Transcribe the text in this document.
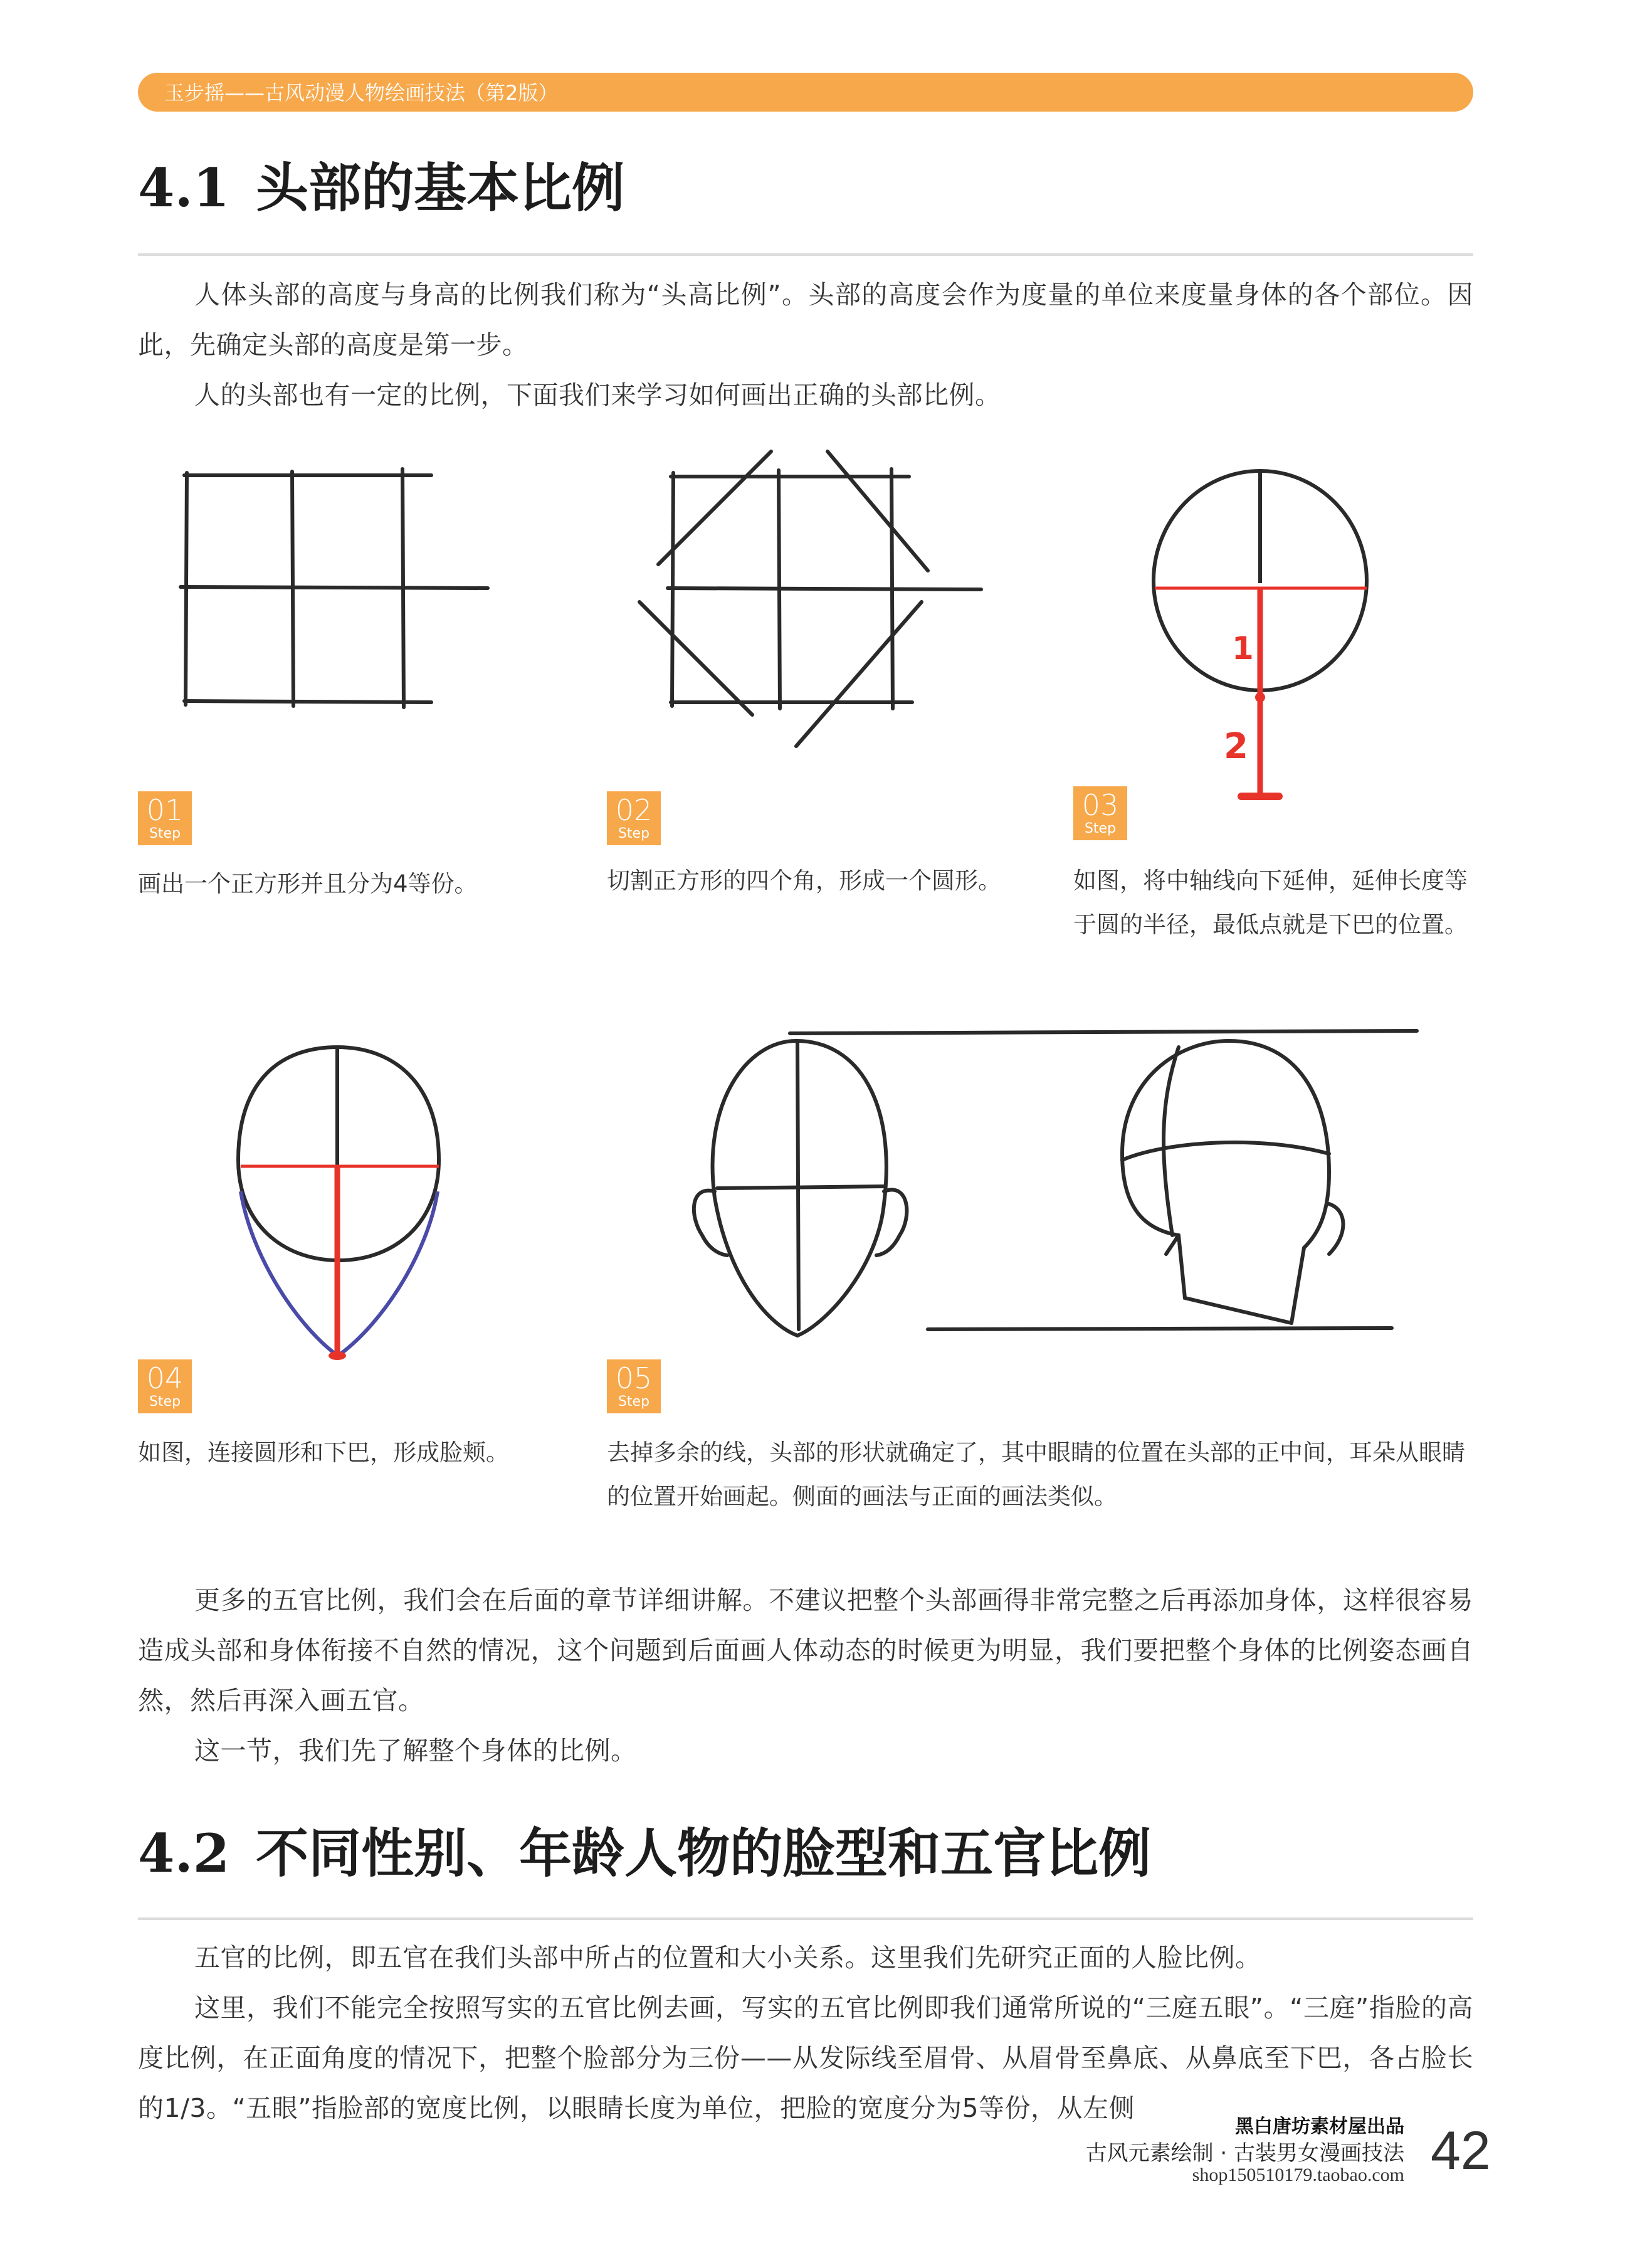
玉步摇——古风动漫人物绘画技法（第2版）
4.1 头部的基本比例

人体头部的高度与身高的比例我们称为“头高比例”。头部的高度会作为度量的单位来度量身体的各个部位。因此，先确定头部的高度是第一步。

人的头部也有一定的比例，下面我们来学习如何画出正确的头部比例。

1
2
01
Step
02
Step
03
Step
画出一个正方形并且分为4等份。	切割正方形的四个角，形成一个圆形。	如图，将中轴线向下延伸，延伸长度等于圆的半径，最低点就是下巴的位置。
04
Step
05
Step
如图，连接圆形和下巴，形成脸颊。	去掉多余的线，头部的形状就确定了，其中眼睛的位置在头部的正中间，耳朵从眼睛的位置开始画起。侧面的画法与正面的画法类似。

更多的五官比例，我们会在后面的章节详细讲解。不建议把整个头部画得非常完整之后再添加身体，这样很容易造成头部和身体衔接不自然的情况，这个问题到后面画人体动态的时候更为明显，我们要把整个身体的比例姿态画自然，然后再深入画五官。

这一节，我们先了解整个身体的比例。

4.2 不同性别、年龄人物的脸型和五官比例

五官的比例，即五官在我们头部中所占的位置和大小关系。这里我们先研究正面的人脸比例。

这里，我们不能完全按照写实的五官比例去画，写实的五官比例即我们通常所说的“三庭五眼”。“三庭”指脸的高度比例，在正面角度的情况下，把整个脸部分为三份——从发际线至眉骨、从眉骨至鼻底、从鼻底至下巴，各占脸长的1/3。“五眼”指脸部的宽度比例，以眼睛长度为单位，把脸的宽度分为5等份，从左侧

黑白唐坊素材屋出品
古风元素绘制 · 古装男女漫画技法
shop150510179.taobao.com 42
